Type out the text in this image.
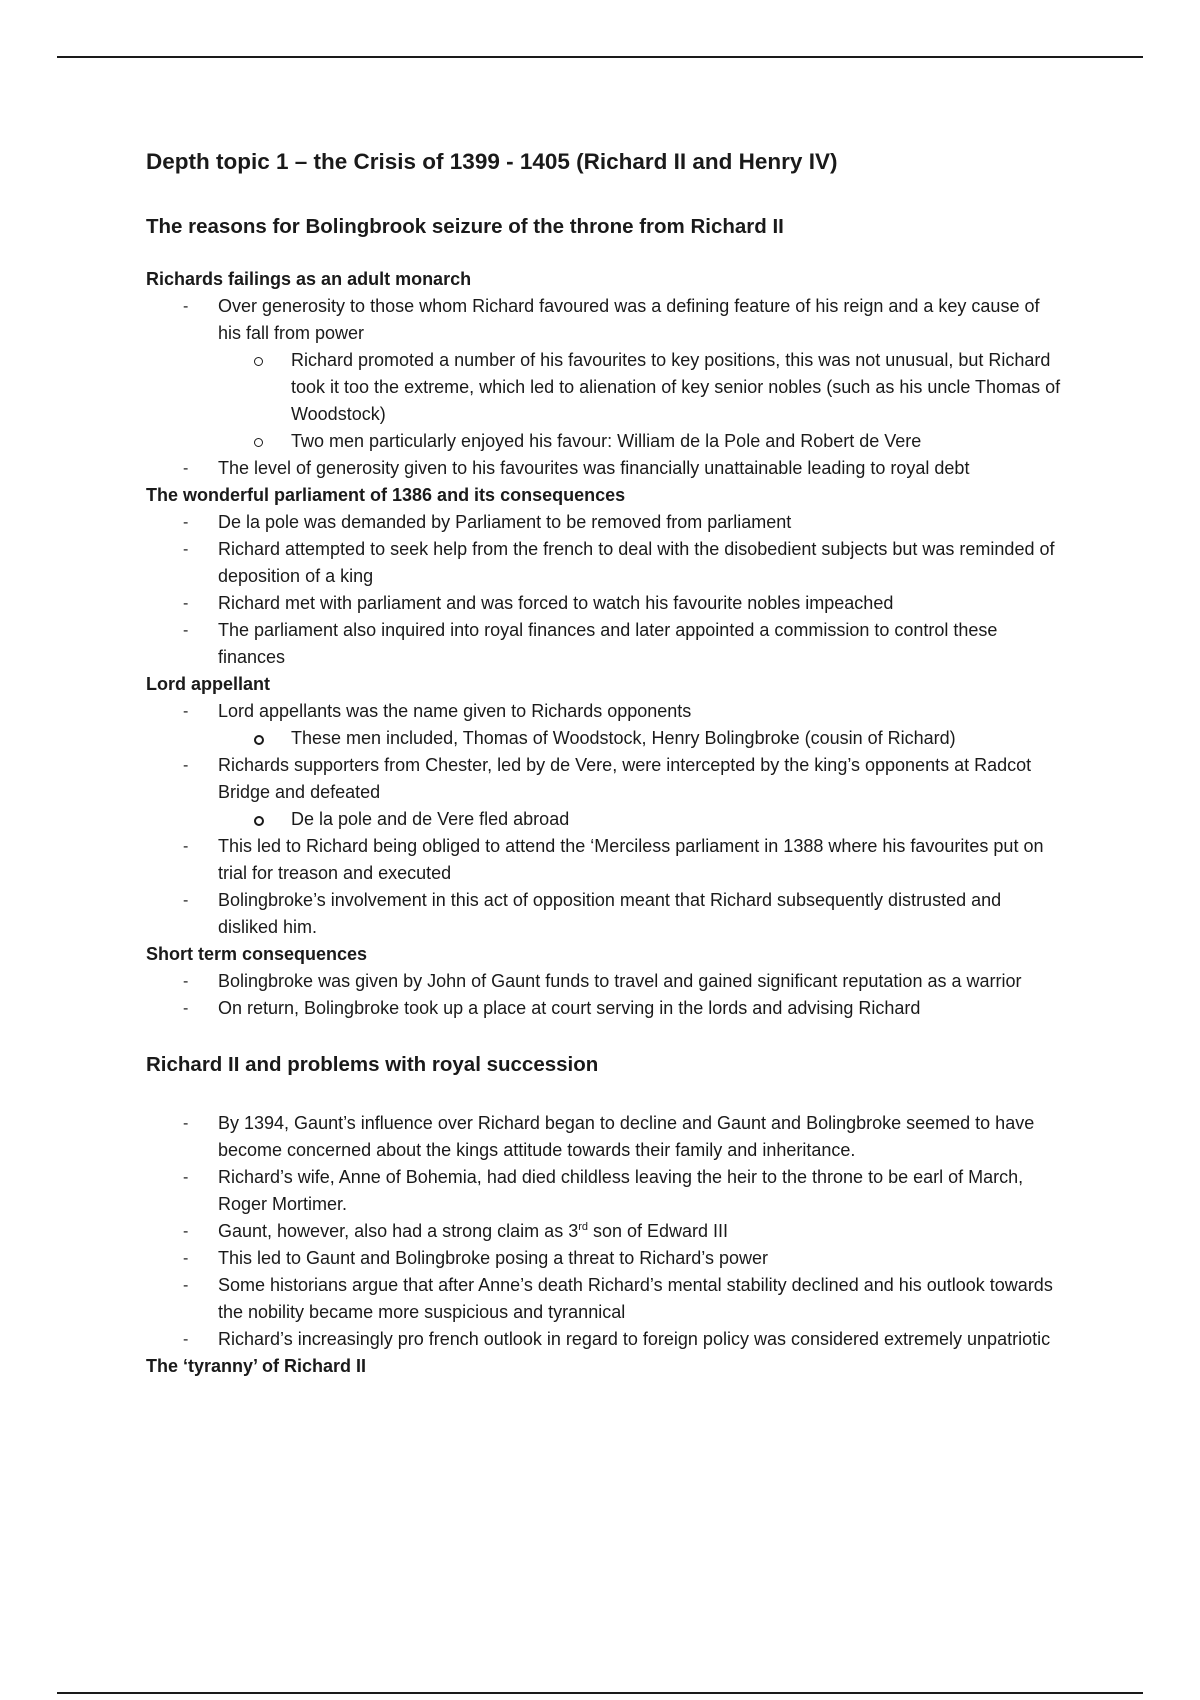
Depth topic 1 – the Crisis of 1399 - 1405 (Richard II and Henry IV)
The reasons for Bolingbrook seizure of the throne from Richard II
Richards failings as an adult monarch
- Over generosity to those whom Richard favoured was a defining feature of his reign and a key cause of his fall from power
Richard promoted a number of his favourites to key positions, this was not unusual, but Richard took it too the extreme, which led to alienation of key senior nobles (such as his uncle Thomas of Woodstock)
Two men particularly enjoyed his favour: William de la Pole and Robert de Vere
- The level of generosity given to his favourites was financially unattainable leading to royal debt
The wonderful parliament of 1386 and its consequences
- De la pole was demanded by Parliament to be removed from parliament
- Richard attempted to seek help from the french to deal with the disobedient subjects but was reminded of deposition of a king
- Richard met with parliament and was forced to watch his favourite nobles impeached
- The parliament also inquired into royal finances and later appointed a commission to control these finances
Lord appellant
- Lord appellants was the name given to Richards opponents
These men included, Thomas of Woodstock, Henry Bolingbroke (cousin of Richard)
- Richards supporters from Chester, led by de Vere, were intercepted by the king’s opponents at Radcot Bridge and defeated
De la pole and de Vere fled abroad
- This led to Richard being obliged to attend the ‘Merciless parliament in 1388 where his favourites put on trial for treason and executed
- Bolingbroke’s involvement in this act of opposition meant that Richard subsequently distrusted and disliked him.
Short term consequences
- Bolingbroke was given by John of Gaunt funds to travel and gained significant reputation as a warrior
- On return, Bolingbroke took up a place at court serving in the lords and advising Richard
Richard II and problems with royal succession
- By 1394, Gaunt’s influence over Richard began to decline and Gaunt and Bolingbroke seemed to have become concerned about the kings attitude towards their family and inheritance.
- Richard’s wife, Anne of Bohemia, had died childless leaving the heir to the throne to be earl of March, Roger Mortimer.
- Gaunt, however, also had a strong claim as 3rd son of Edward III
- This led to Gaunt and Bolingbroke posing a threat to Richard’s power
- Some historians argue that after Anne’s death Richard’s mental stability declined and his outlook towards the nobility became more suspicious and tyrannical
- Richard’s increasingly pro french outlook in regard to foreign policy was considered extremely unpatriotic
The ‘tyranny’ of Richard II
